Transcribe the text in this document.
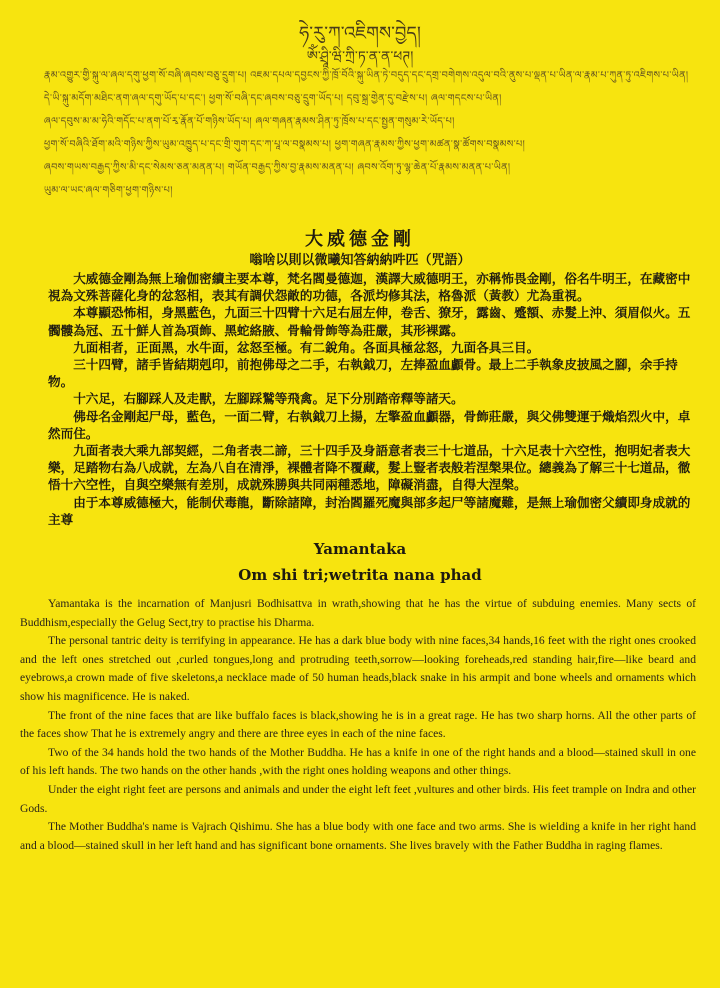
ཧེ་རུ་ཀ་འཇིགས་བྱེད།
ཨོཾ་ཤྲཱི་ཝི་ཀྲི་ཏ་ན་ན་ཕཊ།
རྣམ་འགྱུར་གྱི་སྐུ་ལ་ཞལ་དགུ་ཕྱག་སོ་བཞི་ཞབས་བཅུ་དྲུག་པ། འཇམ་དཔལ་དབྱངས་ཀྱི་ཁྲོ་བོའི་སྐུ་ཡིན་ཏེ་བདུད་དང་དགྲ་བགེགས་འདུལ་བའི་ནུས་པ་ལྡན་པ་ཡིན་ལ་རྣམ་པ་ཀུན་ཏུ་འཇིགས་པ་ཡིན།
དེ་ཡི་སྐུ་མདོག་མཐིང་ནག་ཞལ་དགུ་ཡོད་པ་དང་། ཕྱག་སོ་བཞི་དང་ཞབས་བཅུ་དྲུག་ཡོད་པ། དབུ་སྐྲ་གྱེན་དུ་བརྫེས་པ། ཞལ་གདངས་པ་ཡིན།
ཞལ་དབུས་མ་མ་ཧེའི་གདོང་པ་ནག་པོ་རྭ་རྣོན་པོ་གཉིས་ཡོད་པ། ཞལ་གཞན་རྣམས་ཤིན་ཏུ་ཁྲོས་པ་དང་སྤྱན་གསུམ་རེ་ཡོད་པ།
ཕྱག་སོ་བཞིའི་ཐོག་མའི་གཉིས་ཀྱིས་ཡུམ་འཁྱུད་པ་དང་གྲི་གུག་དང་ཀ་པཱ་ལ་བསྣམས་པ། ཕྱག་གཞན་རྣམས་ཀྱིས་ཕྱག་མཚན་སྣ་ཚོགས་བསྣམས་པ།
ཞབས་གཡས་བརྒྱད་ཀྱིས་མི་དང་སེམས་ཅན་མནན་པ། གཡོན་བརྒྱད་ཀྱིས་བྱ་རྣམས་མནན་པ། ཞབས་འོག་ཏུ་ལྷ་ཆེན་པོ་རྣམས་མནན་པ་ཡིན།
ཡུམ་ལ་ཡང་ཞལ་གཅིག་ཕྱག་གཉིས་པ།
大威德金剛
嗡啥以則以微曦知答納納吽匹（咒語）

大威德金剛為無上瑜伽密續主要本尊，梵名閻曼德迦，漢譯大威德明王，亦稱怖畏金剛，俗名牛明王，在藏密中視為文殊菩薩化身的忿怒相，表其有調伏怨敵的功德，各派均修其法，格魯派（黃教）尤為重視。

本尊顯恐怖相，身黑藍色，九面三十四臂十六足右屈左伸，卷舌、獠牙，露齒、蹙額、赤髮上沖、須眉似火。五髑髏為冠、五十鮮人首為項飾、黑蛇絡腋、骨輪骨飾等為莊嚴，其形裸露。

九面相者，正面黑，水牛面，忿怒至極。有二銳角。各面具極忿怒，九面各具三目。

三十四臂，諸手皆結期剋印，前抱佛母之二手，右執鉞刀，左捧盈血顱骨。最上二手執象皮披風之腳，余手持物。

十六足，右腳踩人及走獸，左腳踩鷲等飛禽。足下分別踏帝釋等諸天。

佛母名金剛起尸母，藍色，一面二臂，右執鉞刀上揚，左擎盈血顱器，骨飾莊嚴，與父佛雙運于熾焰烈火中，卓然而住。

九面者表大乘九部契經，二角者表二諦，三十四手及身語意者表三十七道品，十六足表十六空性，抱明妃者表大樂，足踏物右為八成就，左為八自在清淨，裸體者降不覆藏，髮上豎者表般若涅槃果位。總義為了解三十七道品，徹悟十六空性，自與空樂無有差別，成就殊勝與共同兩種悉地，障礙消盡，自得大涅槃。

由于本尊威德極大，能制伏毒龍，斷除諸障，封治閻羅死魔與部多起尸等諸魔難，是無上瑜伽密父續即身成就的主尊

Yamantaka
Om shi tri;wetrita nana phad

Yamantaka is the incarnation of Manjusri Bodhisattva in wrath,showing that he has the virtue of subduing enemies. Many sects of Buddhism,especially the Gelug Sect,try to practise his Dharma.

The personal tantric deity is terrifying in appearance. He has a dark blue body with nine faces,34 hands,16 feet with the right ones crooked and the left ones stretched out ,curled tongues,long and protruding teeth,sorrow—looking foreheads,red standing hair,fire—like beard and eyebrows,a crown made of five skeletons,a necklace made of 50 human heads,black snake in his armpit and bone wheels and ornaments which show his magnificence. He is naked.

The front of the nine faces that are like buffalo faces is black,showing he is in a great rage. He has two sharp horns. All the other parts of the faces show That he is extremely angry and there are three eyes in each of the nine faces.

Two of the 34 hands hold the two hands of the Mother Buddha. He has a knife in one of the right hands and a blood—stained skull in one of his left hands. The two hands on the other hands ,with the right ones holding weapons and other things.

Under the eight right feet are persons and animals and under the eight left feet ,vultures and other birds. His feet trample on Indra and other Gods.

The Mother Buddha's name is Vajrach Qishimu. She has a blue body with one face and two arms. She is wielding a knife in her right hand and a blood—stained skull in her left hand and has significant bone ornaments. She lives bravely with the Father Buddha in raging flames.
